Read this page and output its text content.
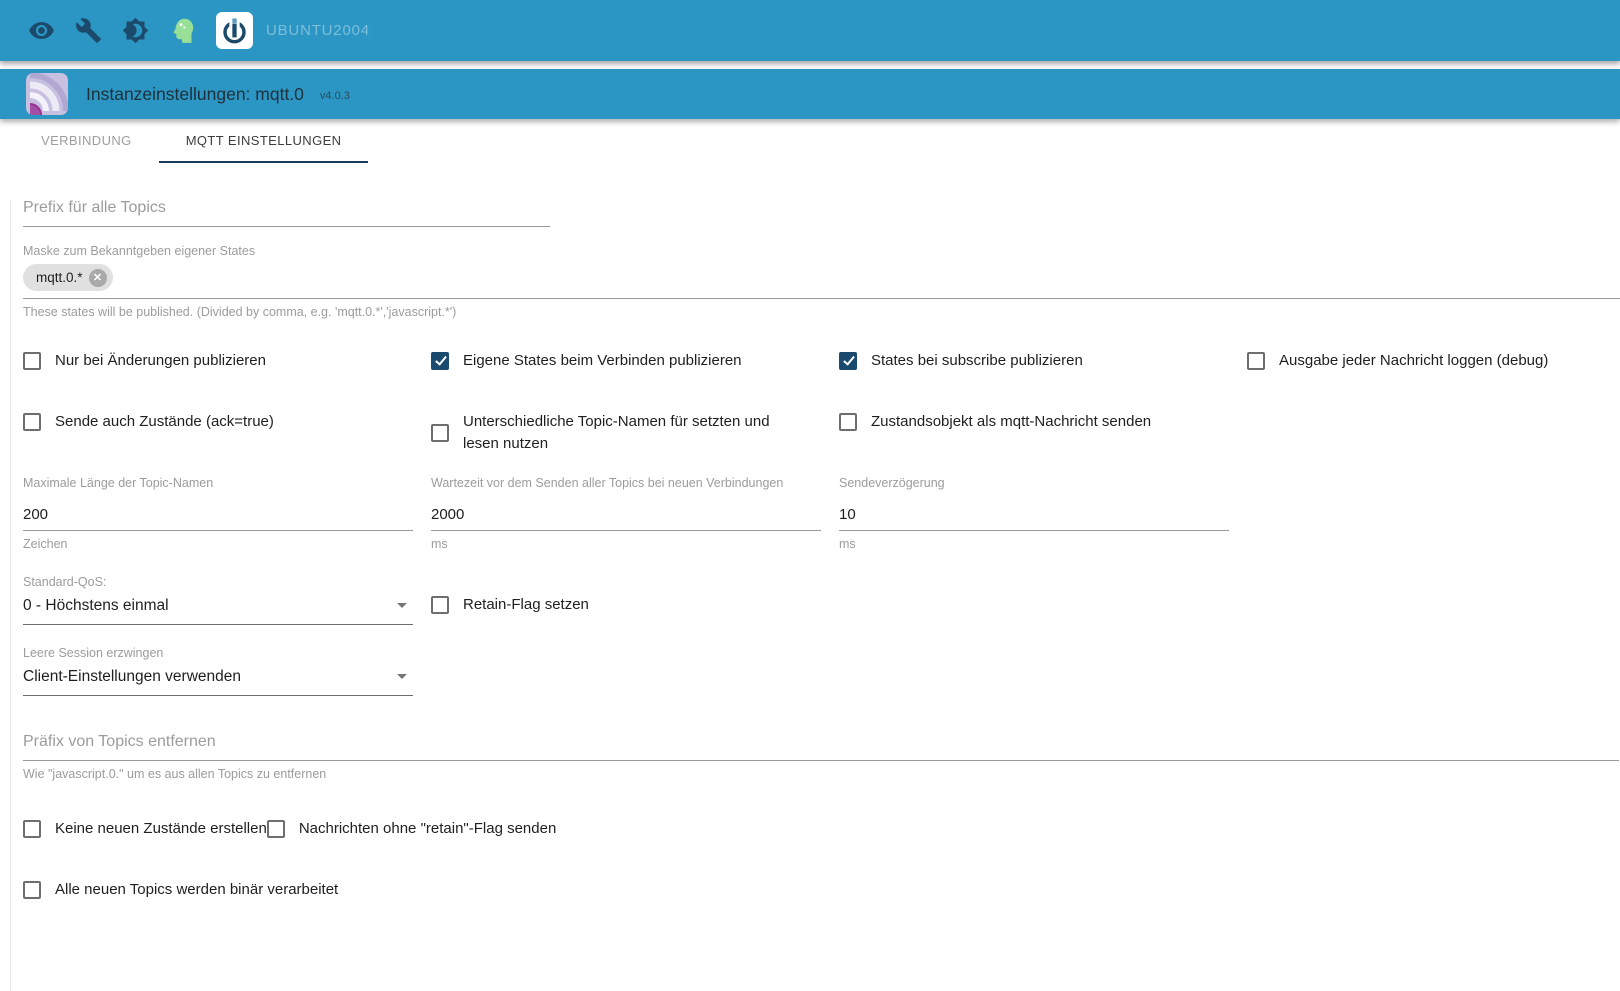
UBUNTU2004
Instanzeinstellungen: mqtt.0 v4.0.3
VERBINDUNG	MQTT EINSTELLUNGEN
Prefix für alle Topics
Maske zum Bekanntgeben eigener States
mqtt.0.* ✕
These states will be published. (Divided by comma, e.g. 'mqtt.0.*','javascript.*')
Nur bei Änderungen publizieren	Eigene States beim Verbinden publizieren	States bei subscribe publizieren	Ausgabe jeder Nachricht loggen (debug)
Sende auch Zustände (ack=true)	Unterschiedliche Topic-Namen für setzten und lesen nutzen
Zustandsobjekt als mqtt-Nachricht senden
Maximale Länge der Topic-Namen
200
Zeichen
Wartezeit vor dem Senden aller Topics bei neuen Verbindungen
2000
ms
Sendeverzögerung
10
ms
Standard-QoS:
0 - Höchstens einmal	Retain-Flag setzen
Leere Session erzwingen
Client-Einstellungen verwenden
Präfix von Topics entfernen
Wie "javascript.0." um es aus allen Topics zu entfernen
Keine neuen Zustände erstellen Nachrichten ohne "retain"-Flag senden
Alle neuen Topics werden binär verarbeitet
